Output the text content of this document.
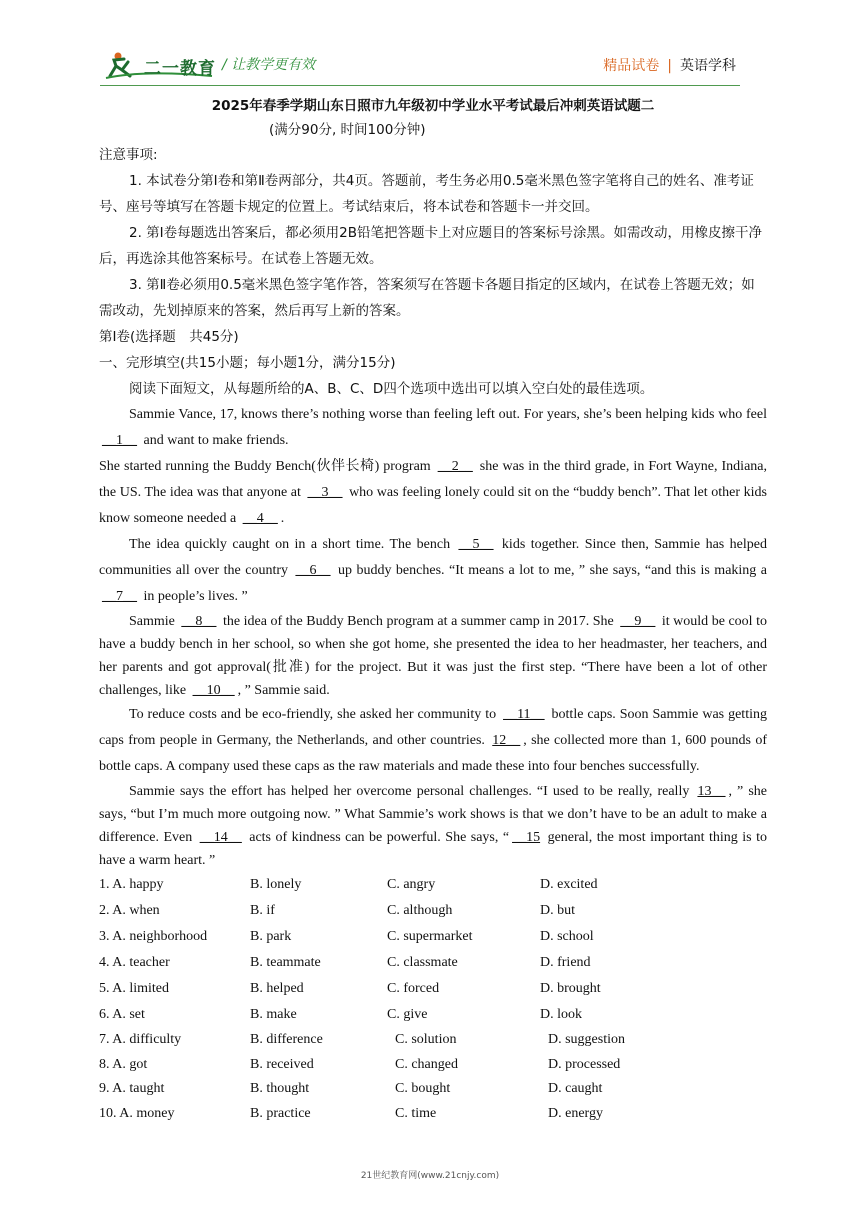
二一教育 / 让教学更有效	精品试卷 | 英语学科

2025年春季学期山东日照市九年级初中学业水平考试最后冲刺英语试题二

(满分90分, 时间100分钟)

注意事项:

1. 本试卷分第Ⅰ卷和第Ⅱ卷两部分，共4页。答题前，考生务必用0.5毫米黑色签字笔将自己的姓名、准考证号、座号等填写在答题卡规定的位置上。考试结束后，将本试卷和答题卡一并交回。

2. 第Ⅰ卷每题选出答案后，都必须用2B铅笔把答题卡上对应题目的答案标号涂黑。如需改动，用橡皮擦干净后，再选涂其他答案标号。在试卷上答题无效。

3. 第Ⅱ卷必须用0.5毫米黑色签字笔作答，答案须写在答题卡各题目指定的区域内，在试卷上答题无效；如需改动，先划掉原来的答案，然后再写上新的答案。

第Ⅰ卷(选择题　共45分)

一、完形填空(共15小题；每小题1分，满分15分)

阅读下面短文，从每题所给的A、B、C、D四个选项中选出可以填入空白处的最佳选项。

Sammie Vance, 17, knows there’s nothing worse than feeling left out. For years, she’s been helping kids who feel __1__ and want to make friends.

She started running the Buddy Bench(伙伴长椅) program __2__ she was in the third grade, in Fort Wayne, Indiana, the US. The idea was that anyone at __3__ who was feeling lonely could sit on the “buddy bench”. That let other kids know someone needed a __4__ .

The idea quickly caught on in a short time. The bench __5__ kids together. Since then, Sammie has helped communities all over the country __6__ up buddy benches. “It means a lot to me, ” she says, “and this is making a __7__ in people’s lives. ”

Sammie __8__ the idea of the Buddy Bench program at a summer camp in 2017. She __9__ it would be cool to have a buddy bench in her school, so when she got home, she presented the idea to her headmaster, her teachers, and her parents and got approval(批准) for the project. But it was just the first step. “There have been a lot of other challenges, like __10__ , ” Sammie said.

To reduce costs and be eco-friendly, she asked her community to __11__ bottle caps. Soon Sammie was getting caps from people in Germany, the Netherlands, and other countries. 12__ , she collected more than 1, 600 pounds of bottle caps. A company used these caps as the raw materials and made these into four benches successfully.

Sammie says the effort has helped her overcome personal challenges. “I used to be really, really 13__ , ” she says, “but I’m much more outgoing now. ” What Sammie’s work shows is that we don’t have to be an adult to make a difference. Even __14__ acts of kindness can be powerful. She says, “ __15 general, the most important thing is to have a warm heart. ”

1. A. happy	B. lonely	C. angry	D. excited
2. A. when	B. if	C. although	D. but
3. A. neighborhood	B. park	C. supermarket	D. school
4. A. teacher	B. teammate	C. classmate	D. friend
5. A. limited	B. helped	C. forced	D. brought
6. A. set	B. make	C. give	D. look
7. A. difficulty	B. difference	C. solution	D. suggestion
8. A. got	B. received	C. changed	D. processed
9. A. taught	B. thought	C. bought	D. caught
10. A. money	B. practice	C. time	D. energy
21世纪教育网(www.21cnjy.com)
